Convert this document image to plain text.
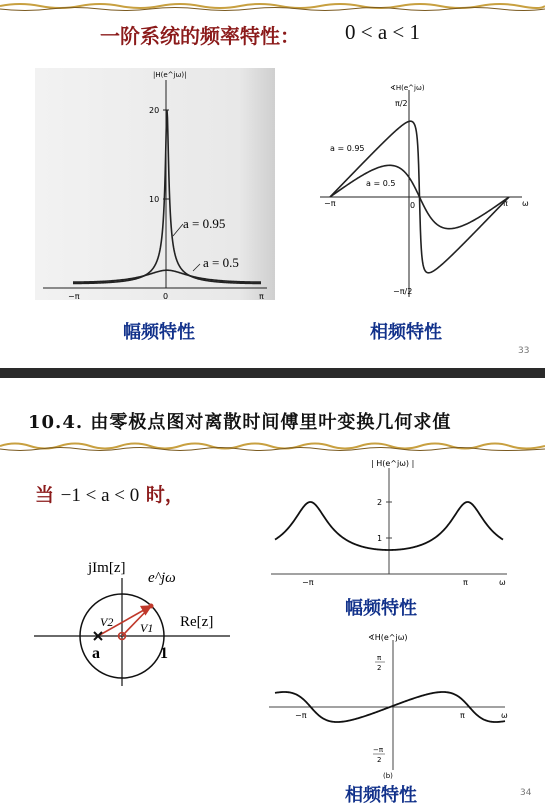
一阶系统的频率特性： 0 < a < 1
|H(e^jω)|
20
10
−π	0	π
a = 0.95
a = 0.5
∢H(e^jω)
π/2
−π/2
−π	0	π ω
a = 0.95
a = 0.5
幅频特性	相频特性
33
10.4. 由零极点图对离散时间傅里叶变换几何求值
当 −1 < a < 0 时，
jIm[z]
Re[z]
e^jω
V2 V1
a	1
| H(e^jω) |
2
1
−π	π	ω
幅频特性
∢H(e^jω)
π
2
−π
2
−π	π	ω
(b)
相频特性	34
